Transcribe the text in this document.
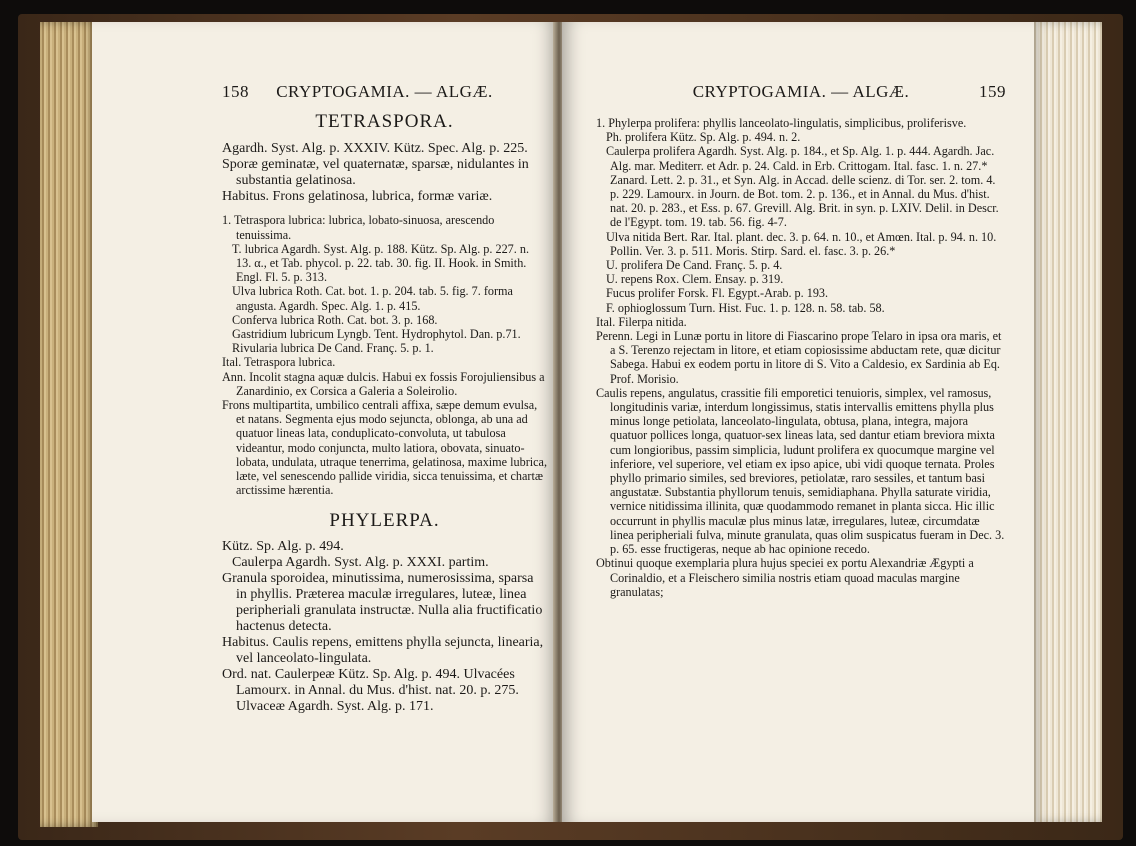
158	CRYPTOGAMIA. — ALGÆ.
TETRASPORA.

Agardh. Syst. Alg. p. XXXIV. Kütz. Spec. Alg. p. 225.

Sporæ geminatæ, vel quaternatæ, sparsæ, nidulantes in substantia gelatinosa.

Habitus. Frons gelatinosa, lubrica, formæ variæ.

1. Tetraspora lubrica: lubrica, lobato-sinuosa, arescendo tenuissima.

T. lubrica Agardh. Syst. Alg. p. 188. Kütz. Sp. Alg. p. 227. n. 13. α., et Tab. phycol. p. 22. tab. 30. fig. II. Hook. in Smith. Engl. Fl. 5. p. 313.

Ulva lubrica Roth. Cat. bot. 1. p. 204. tab. 5. fig. 7. forma angusta. Agardh. Spec. Alg. 1. p. 415.

Conferva lubrica Roth. Cat. bot. 3. p. 168.

Gastridium lubricum Lyngb. Tent. Hydrophytol. Dan. p.71.

Rivularia lubrica De Cand. Franç. 5. p. 1.

Ital. Tetraspora lubrica.

Ann. Incolit stagna aquæ dulcis. Habui ex fossis Forojuliensibus a Zanardinio, ex Corsica a Galeria a Soleirolio.

Frons multipartita, umbilico centrali affixa, sæpe demum evulsa, et natans. Segmenta ejus modo sejuncta, oblonga, ab una ad quatuor lineas lata, conduplicato-convoluta, ut tabulosa videantur, modo conjuncta, multo latiora, obovata, sinuato-lobata, undulata, utraque tenerrima, gelatinosa, maxime lubrica, læte, vel senescendo pallide viridia, sicca tenuissima, et chartæ arctissime hærentia.

PHYLERPA.

Kütz. Sp. Alg. p. 494.

Caulerpa Agardh. Syst. Alg. p. XXXI. partim.

Granula sporoidea, minutissima, numerosissima, sparsa in phyllis. Præterea maculæ irregulares, luteæ, linea peripheriali granulata instructæ. Nulla alia fructificatio hactenus detecta.

Habitus. Caulis repens, emittens phylla sejuncta, linearia, vel lanceolato-lingulata.

Ord. nat. Caulerpeæ Kütz. Sp. Alg. p. 494. Ulvacées Lamourx. in Annal. du Mus. d'hist. nat. 20. p. 275. Ulvaceæ Agardh. Syst. Alg. p. 171.

CRYPTOGAMIA. — ALGÆ.	159

1. Phylerpa prolifera: phyllis lanceolato-lingulatis, simplicibus, proliferisve.

Ph. prolifera Kütz. Sp. Alg. p. 494. n. 2.

Caulerpa prolifera Agardh. Syst. Alg. p. 184., et Sp. Alg. 1. p. 444. Agardh. Jac. Alg. mar. Mediterr. et Adr. p. 24. Cald. in Erb. Crittogam. Ital. fasc. 1. n. 27.* Zanard. Lett. 2. p. 31., et Syn. Alg. in Accad. delle scienz. di Tor. ser. 2. tom. 4. p. 229. Lamourx. in Journ. de Bot. tom. 2. p. 136., et in Annal. du Mus. d'hist. nat. 20. p. 283., et Ess. p. 67. Grevill. Alg. Brit. in syn. p. LXIV. Delil. in Descr. de l'Egypt. tom. 19. tab. 56. fig. 4-7.

Ulva nitida Bert. Rar. Ital. plant. dec. 3. p. 64. n. 10., et Amœn. Ital. p. 94. n. 10. Pollin. Ver. 3. p. 511. Moris. Stirp. Sard. el. fasc. 3. p. 26.*

U. prolifera De Cand. Franç. 5. p. 4.

U. repens Rox. Clem. Ensay. p. 319.

Fucus prolifer Forsk. Fl. Egypt.-Arab. p. 193.

F. ophioglossum Turn. Hist. Fuc. 1. p. 128. n. 58. tab. 58.

Ital. Filerpa nitida.

Perenn. Legi in Lunæ portu in litore di Fiascarino prope Telaro in ipsa ora maris, et a S. Terenzo rejectam in litore, et etiam copiosissime abductam rete, quæ dicitur Sabega. Habui ex eodem portu in litore di S. Vito a Caldesio, ex Sardinia ab Eq. Prof. Morisio.

Caulis repens, angulatus, crassitie fili emporetici tenuioris, simplex, vel ramosus, longitudinis variæ, interdum longissimus, statis intervallis emittens phylla plus minus longe petiolata, lanceolato-lingulata, obtusa, plana, integra, majora quatuor pollices longa, quatuor-sex lineas lata, sed dantur etiam breviora mixta cum longioribus, passim simplicia, ludunt prolifera ex quocumque margine vel inferiore, vel superiore, vel etiam ex ipso apice, ubi vidi quoque ternata. Proles phyllo primario similes, sed breviores, petiolatæ, raro sessiles, et tantum basi angustatæ. Substantia phyllorum tenuis, semidiaphana. Phylla saturate viridia, vernice nitidissima illinita, quæ quodammodo remanet in planta sicca. Hic illic occurrunt in phyllis maculæ plus minus latæ, irregulares, luteæ, circumdatæ linea peripheriali fulva, minute granulata, quas olim suspicatus fueram in Dec. 3. p. 65. esse fructigeras, neque ab hac opinione recedo.

Obtinui quoque exemplaria plura hujus speciei ex portu Alexandriæ Ægypti a Corinaldio, et a Fleischero similia nostris etiam quoad maculas margine granulatas;
